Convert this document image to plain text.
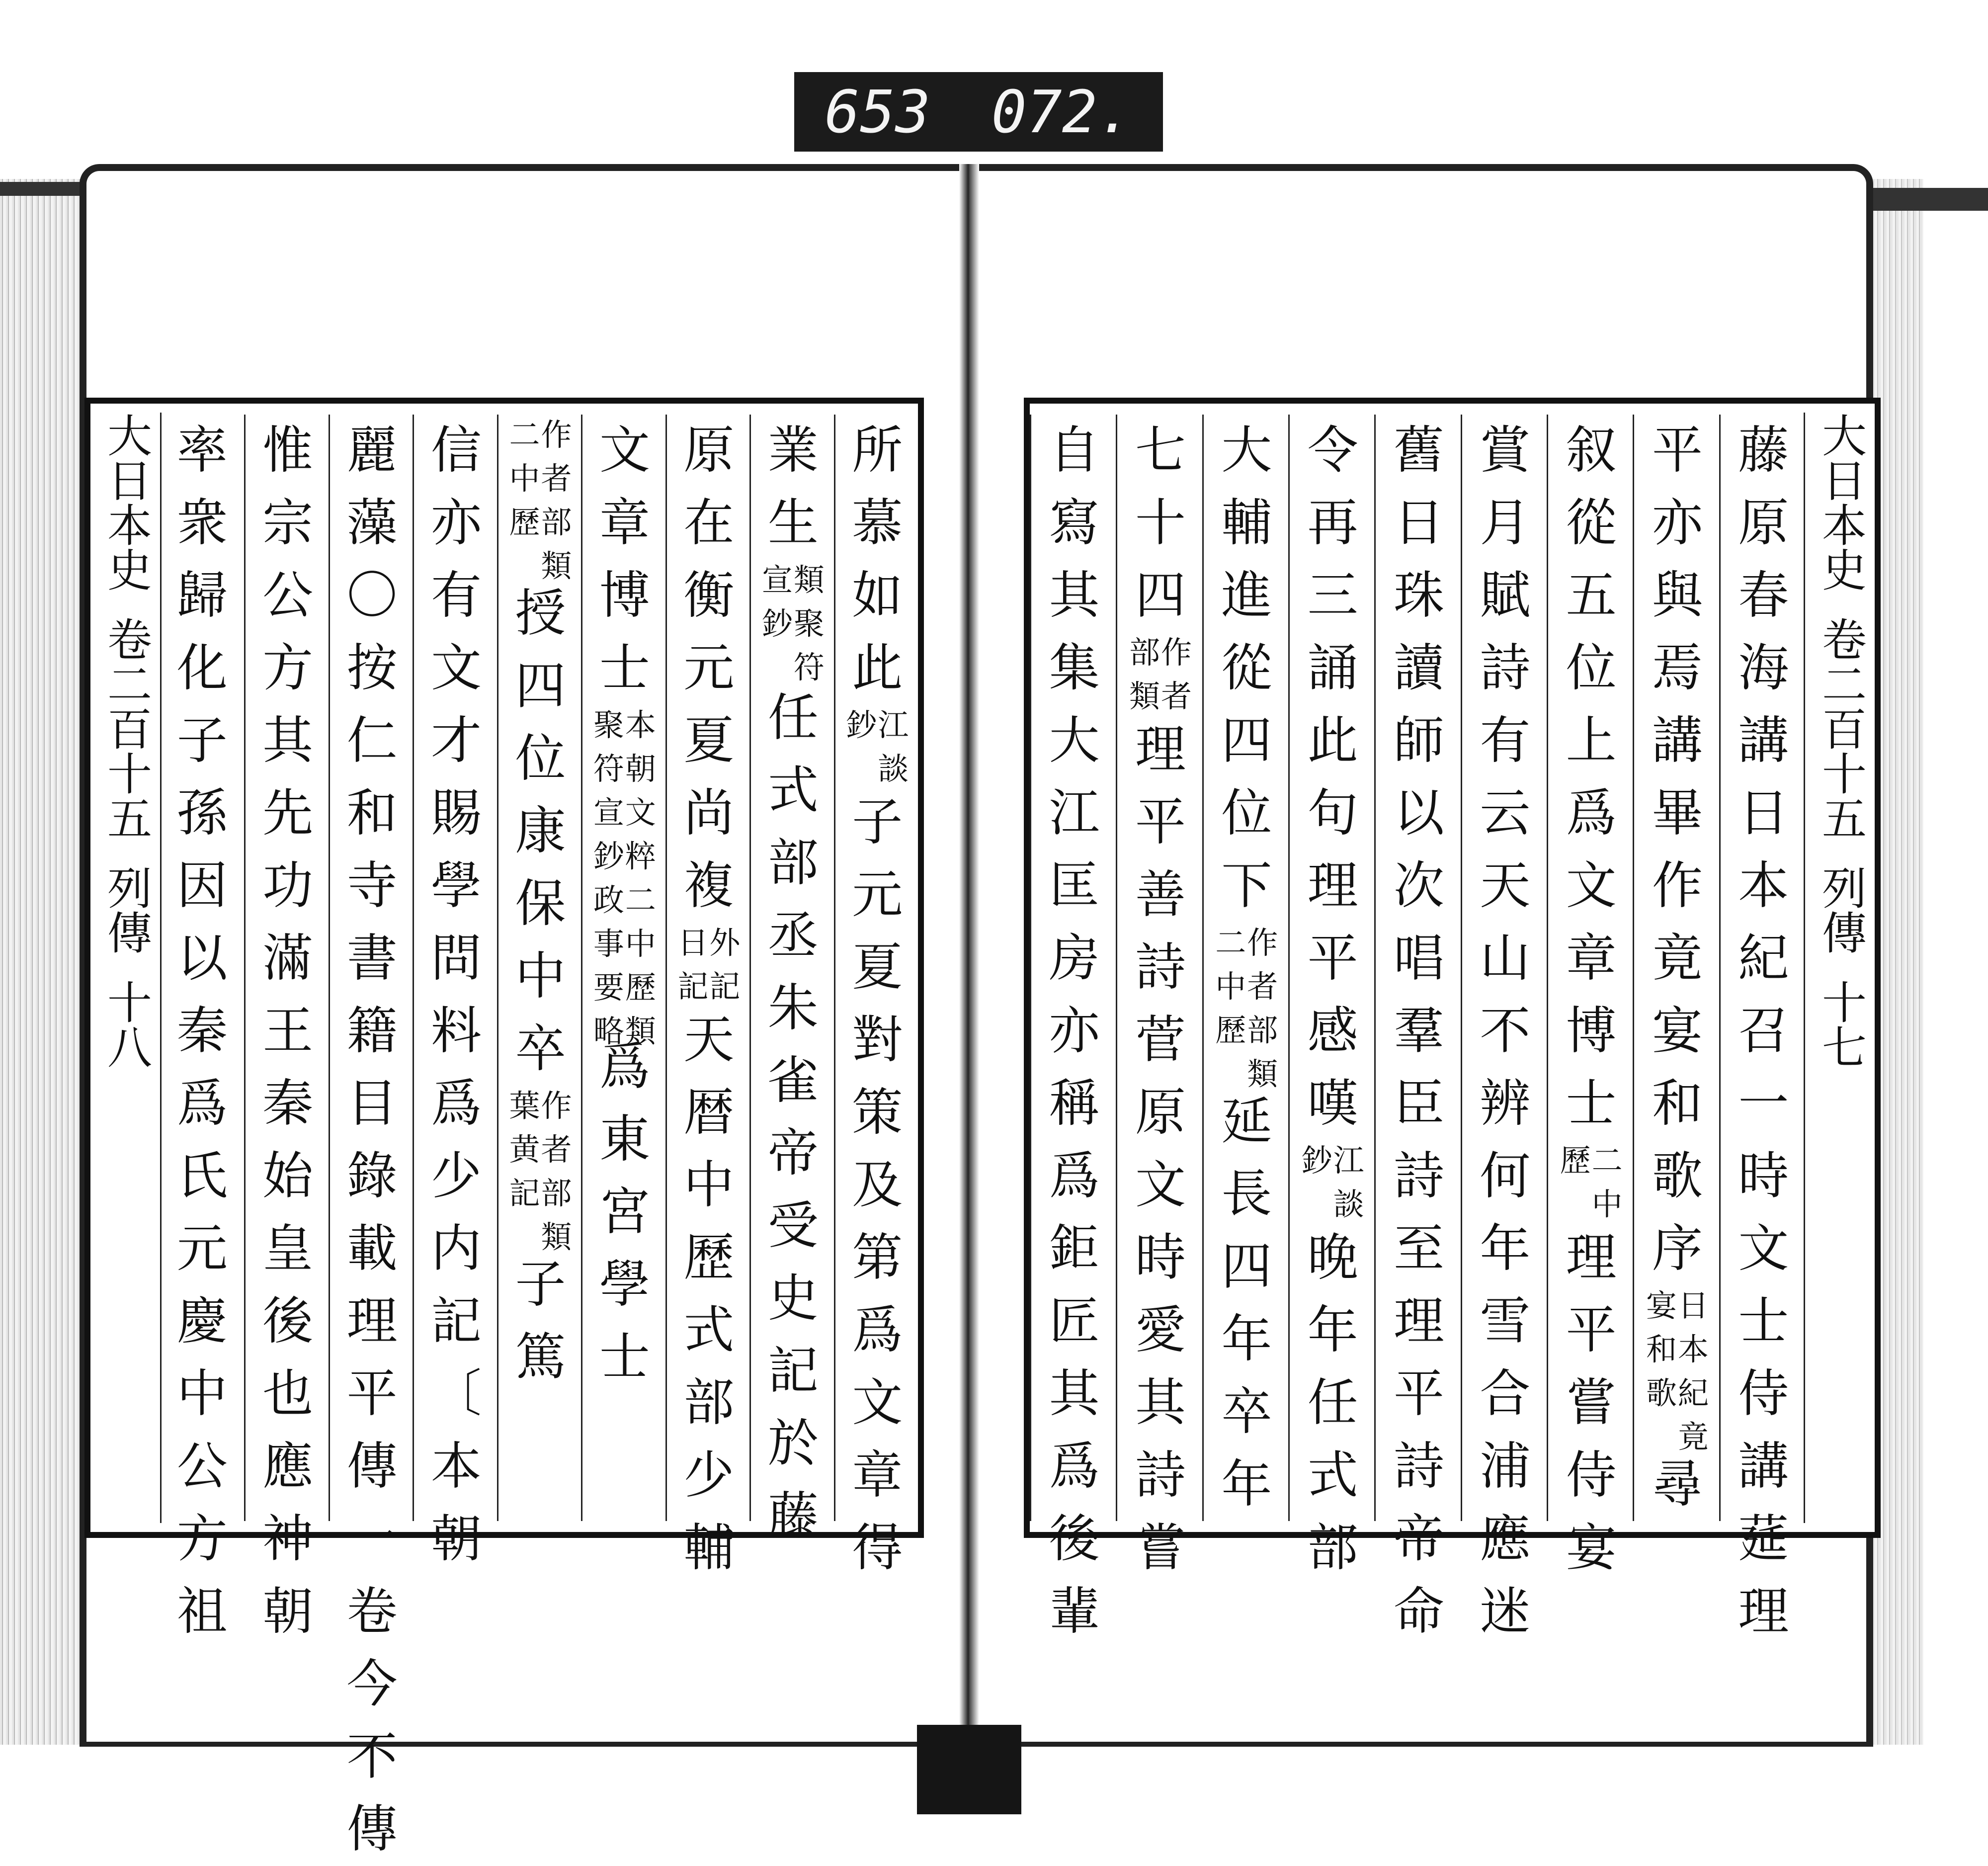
653 072.
大日本史
卷二百十五
列傳
十八
所
慕
如
此
江
鈔
談
子
元
夏
對
策
及
第
爲
文
章
得
業
生
類
宣
聚
鈔
符
任
式
部
丞
朱
雀
帝
受
史
記
於
藤
原
在
衡
元
夏
尚
複
外
日
記
記
天
暦
中
歷
式
部
少
輔
文
章
博
士
本
聚
朝
符
文
宣
粹
鈔
二
政
中
事
歷
要
類
略
爲
東
宮
學
士
作
二
者
中
部
歷
類
授
四
位
康
保
中
卒
作
葉
者
黄
部
記
類
子
篤
信
亦
有
文
才
賜
學
問
料
爲
少
内
記
〔
本
朝
麗
藻
〇
按
仁
和
寺
書
籍
目
錄
載
理
平
傳
一
卷
今
不
傳
惟
宗
公
方
其
先
功
滿
王
秦
始
皇
後
也
應
神
朝
率
衆
歸
化
子
孫
因
以
秦
爲
氏
元
慶
中
公
方
祖
大日本史
卷二百十五
列傳
十七
藤
原
春
海
講
日
本
紀
召
一
時
文
士
侍
講
莚
理
平
亦
與
焉
講
畢
作
竟
宴
和
歌
序
日
宴
本
和
紀
歌
竟
尋
叙
從
五
位
上
爲
文
章
博
士
二
歷
中
理
平
嘗
侍
宴
賞
月
賦
詩
有
云
天
山
不
辨
何
年
雪
合
浦
應
迷
舊
日
珠
讀
師
以
次
唱
羣
臣
詩
至
理
平
詩
帝
命
令
再
三
誦
此
句
理
平
感
嘆
江
鈔
談
晚
年
任
式
部
大
輔
進
從
四
位
下
作
二
者
中
部
歷
類
延
長
四
年
卒
年
七
十
四
作
部
者
類
理
平
善
詩
菅
原
文
時
愛
其
詩
嘗
自
寫
其
集
大
江
匡
房
亦
稱
爲
鉅
匠
其
爲
後
輩
